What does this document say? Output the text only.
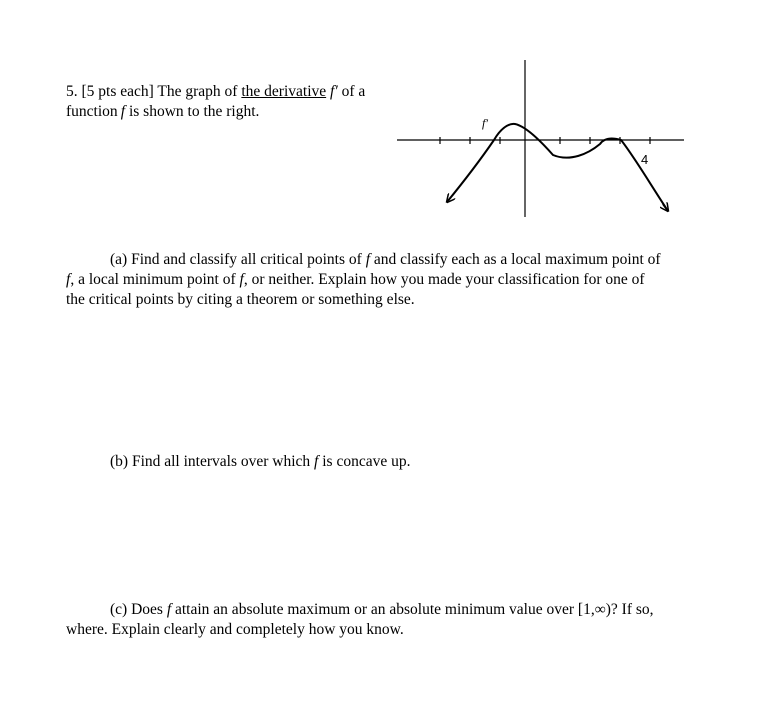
5. [5 pts each] The graph of the derivative f′ of a
function  f is shown to the right.
f′
4
(a) Find and classify all critical points of f and classify each as a local maximum point of
f, a local minimum point of f, or neither. Explain how you made your classification for one of
the critical points by citing a theorem or something else.
(b) Find all intervals over which f is concave up.
(c) Does f attain an absolute maximum or an absolute minimum value over [1,∞)? If so,
where. Explain clearly and completely how you know.
